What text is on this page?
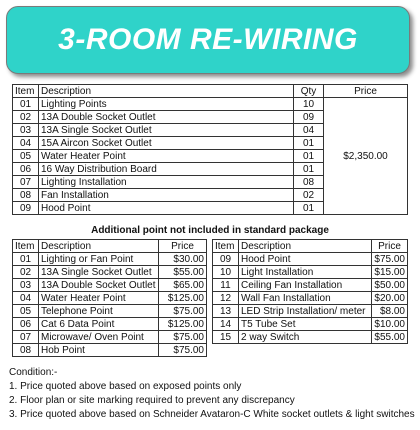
3-ROOM RE-WIRING
Item	Description	Qty	Price
01	Lighting Points	10	$2,350.00
02	13A Double Socket Outlet	09	
03	13A Single Socket Outlet	04	
04	15A Aircon Socket Outlet	01	
05	Water Heater Point	01	
06	16 Way Distribution Board	01	
07	Lighting Installation	08	
08	Fan Installation	02	
09	Hood Point	01	
Additional point not included in standard package
Item	Description	Price
01	Lighting or Fan Point	$30.00
02	13A Single Socket Outlet	$55.00
03	13A Double Socket Outlet	$65.00
04	Water Heater Point	$125.00
05	Telephone Point	$75.00
06	Cat 6 Data Point	$125.00
07	Microwave/ Oven Point	$75.00
08	Hob Point	$75.00
Item	Description	Price
09	Hood Point	$75.00
10	Light Installation	$15.00
11	Ceiling Fan Installation	$50.00
12	Wall Fan Installation	$20.00
13	LED Strip Installation/ meter	$8.00
14	T5 Tube Set	$10.00
15	2 way Switch	$55.00
Condition:-
1. Price quoted above based on exposed points only
2. Floor plan or site marking required to prevent any discrepancy
3. Price quoted above based on Schneider Avataron-C White socket outlets & light switches
